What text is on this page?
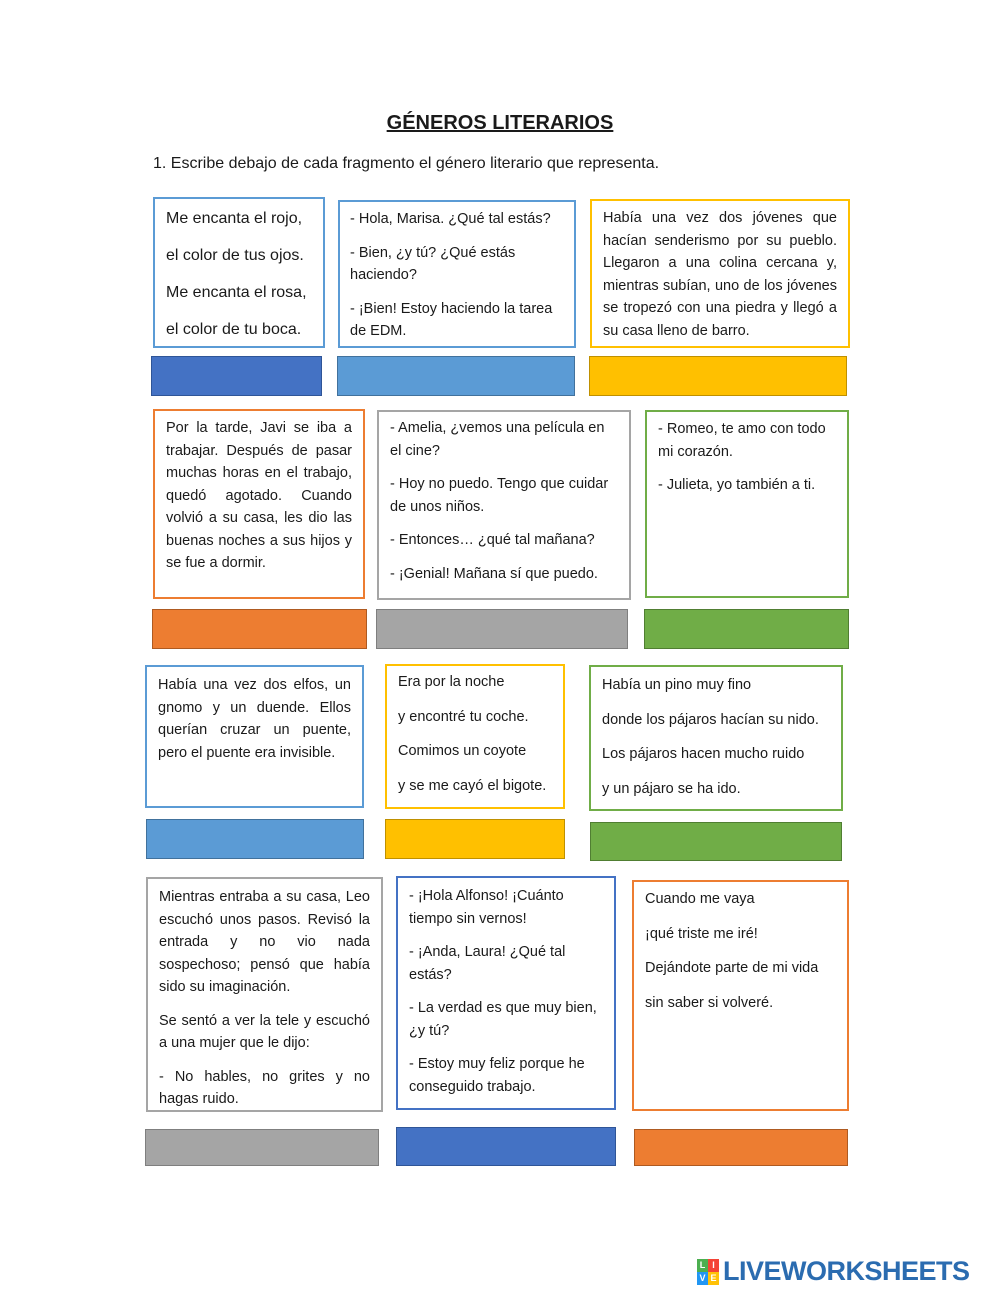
GÉNEROS LITERARIOS
1. Escribe debajo de cada fragmento el género literario que representa.

Me encanta el rojo,

el color de tus ojos.

Me encanta el rosa,

el color de tu boca.

- Hola, Marisa. ¿Qué tal estás?

- Bien, ¿y tú? ¿Qué estás haciendo?

- ¡Bien! Estoy haciendo la tarea de EDM.

Había una vez dos jóvenes que hacían senderismo por su pueblo. Llegaron a una colina cercana y, mientras subían, uno de los jóvenes se tropezó con una piedra y llegó a su casa lleno de barro.

Por la tarde, Javi se iba a trabajar. Después de pasar muchas horas en el trabajo, quedó agotado. Cuando volvió a su casa, les dio las buenas noches a sus hijos y se fue a dormir.

- Amelia, ¿vemos una película en el cine?

- Hoy no puedo. Tengo que cuidar de unos niños.

- Entonces… ¿qué tal mañana?

- ¡Genial! Mañana sí que puedo.

- Romeo, te amo con todo mi corazón.

- Julieta, yo también a ti.

Había una vez dos elfos, un gnomo y un duende. Ellos querían cruzar un puente, pero el puente era invisible.

Era por la noche

y encontré tu coche.

Comimos un coyote

y se me cayó el bigote.

Había un pino muy fino

donde los pájaros hacían su nido.

Los pájaros hacen mucho ruido

y un pájaro se ha ido.

Mientras entraba a su casa, Leo escuchó unos pasos. Revisó la entrada y no vio nada sospechoso; pensó que había sido su imaginación.

Se sentó a ver la tele y escuchó a una mujer que le dijo:

- No hables, no grites y no hagas ruido.

- ¡Hola Alfonso! ¡Cuánto tiempo sin vernos!

- ¡Anda, Laura! ¿Qué tal estás?

- La verdad es que muy bien, ¿y tú?

- Estoy muy feliz porque he conseguido trabajo.

Cuando me vaya

¡qué triste me iré!

Dejándote parte de mi vida

sin saber si volveré.

L I
V E LIVEWORKSHEETS
